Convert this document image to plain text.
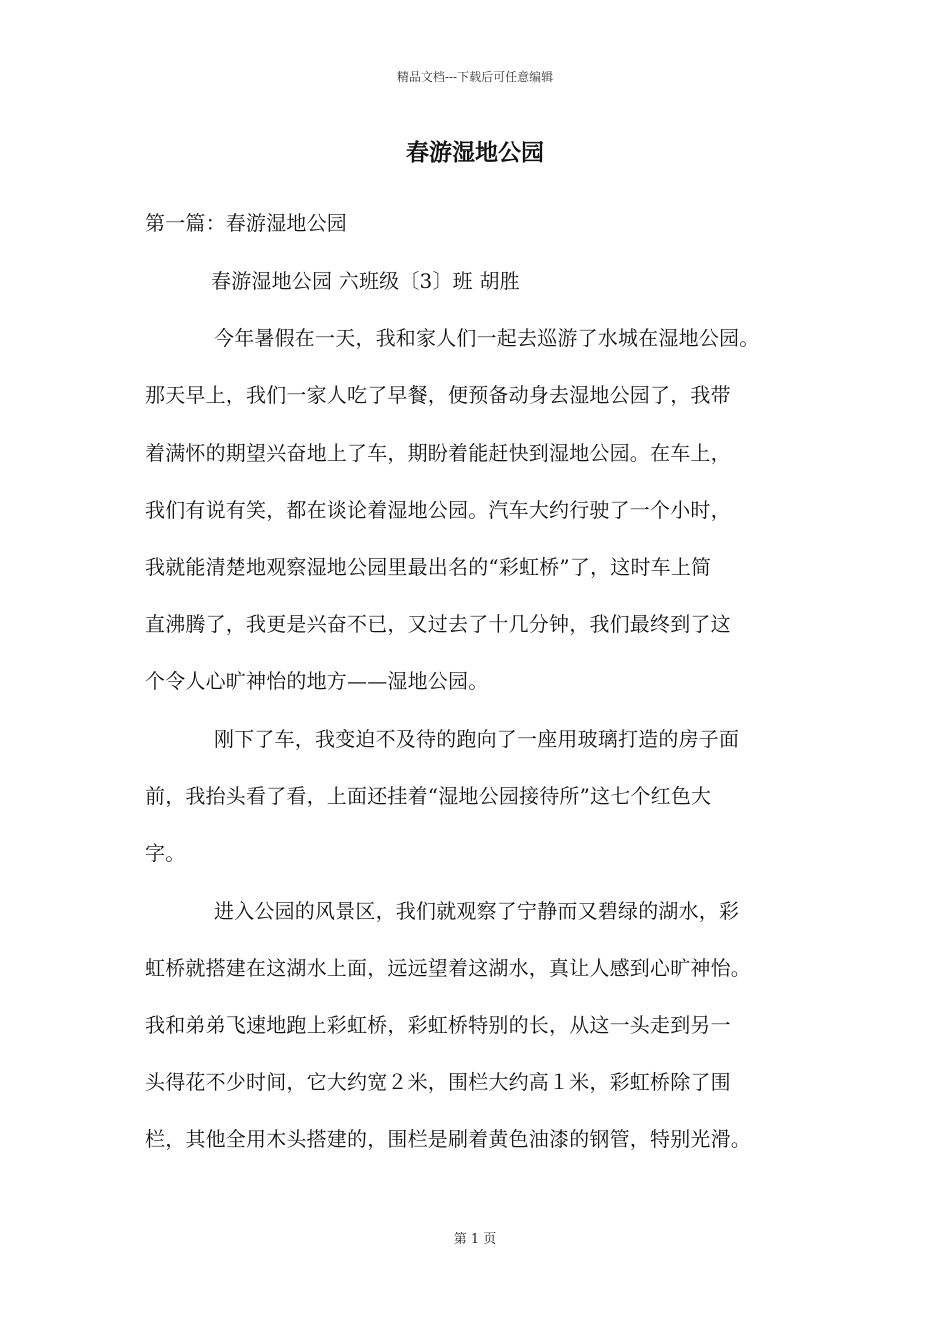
精品文档---下载后可任意编辑
春游湿地公园
第一篇：春游湿地公园
春游湿地公园 六班级〔3〕班 胡胜
今年暑假在一天，我和家人们一起去巡游了水城在湿地公园。
那天早上，我们一家人吃了早餐，便预备动身去湿地公园了，我带
着满怀的期望兴奋地上了车，期盼着能赶快到湿地公园。在车上，
我们有说有笑，都在谈论着湿地公园。汽车大约行驶了一个小时，
我就能清楚地观察湿地公园里最出名的“彩虹桥”了，这时车上简
直沸腾了，我更是兴奋不已，又过去了十几分钟，我们最终到了这
个令人心旷神怡的地方——湿地公园。
刚下了车，我变迫不及待的跑向了一座用玻璃打造的房子面
前，我抬头看了看，上面还挂着“湿地公园接待所”这七个红色大
字。
进入公园的风景区，我们就观察了宁静而又碧绿的湖水，彩
虹桥就搭建在这湖水上面，远远望着这湖水，真让人感到心旷神怡。
我和弟弟飞速地跑上彩虹桥，彩虹桥特别的长，从这一头走到另一
头得花不少时间，它大约宽２米，围栏大约高１米，彩虹桥除了围
栏，其他全用木头搭建的，围栏是刷着黄色油漆的钢管，特别光滑。
第 1 页
